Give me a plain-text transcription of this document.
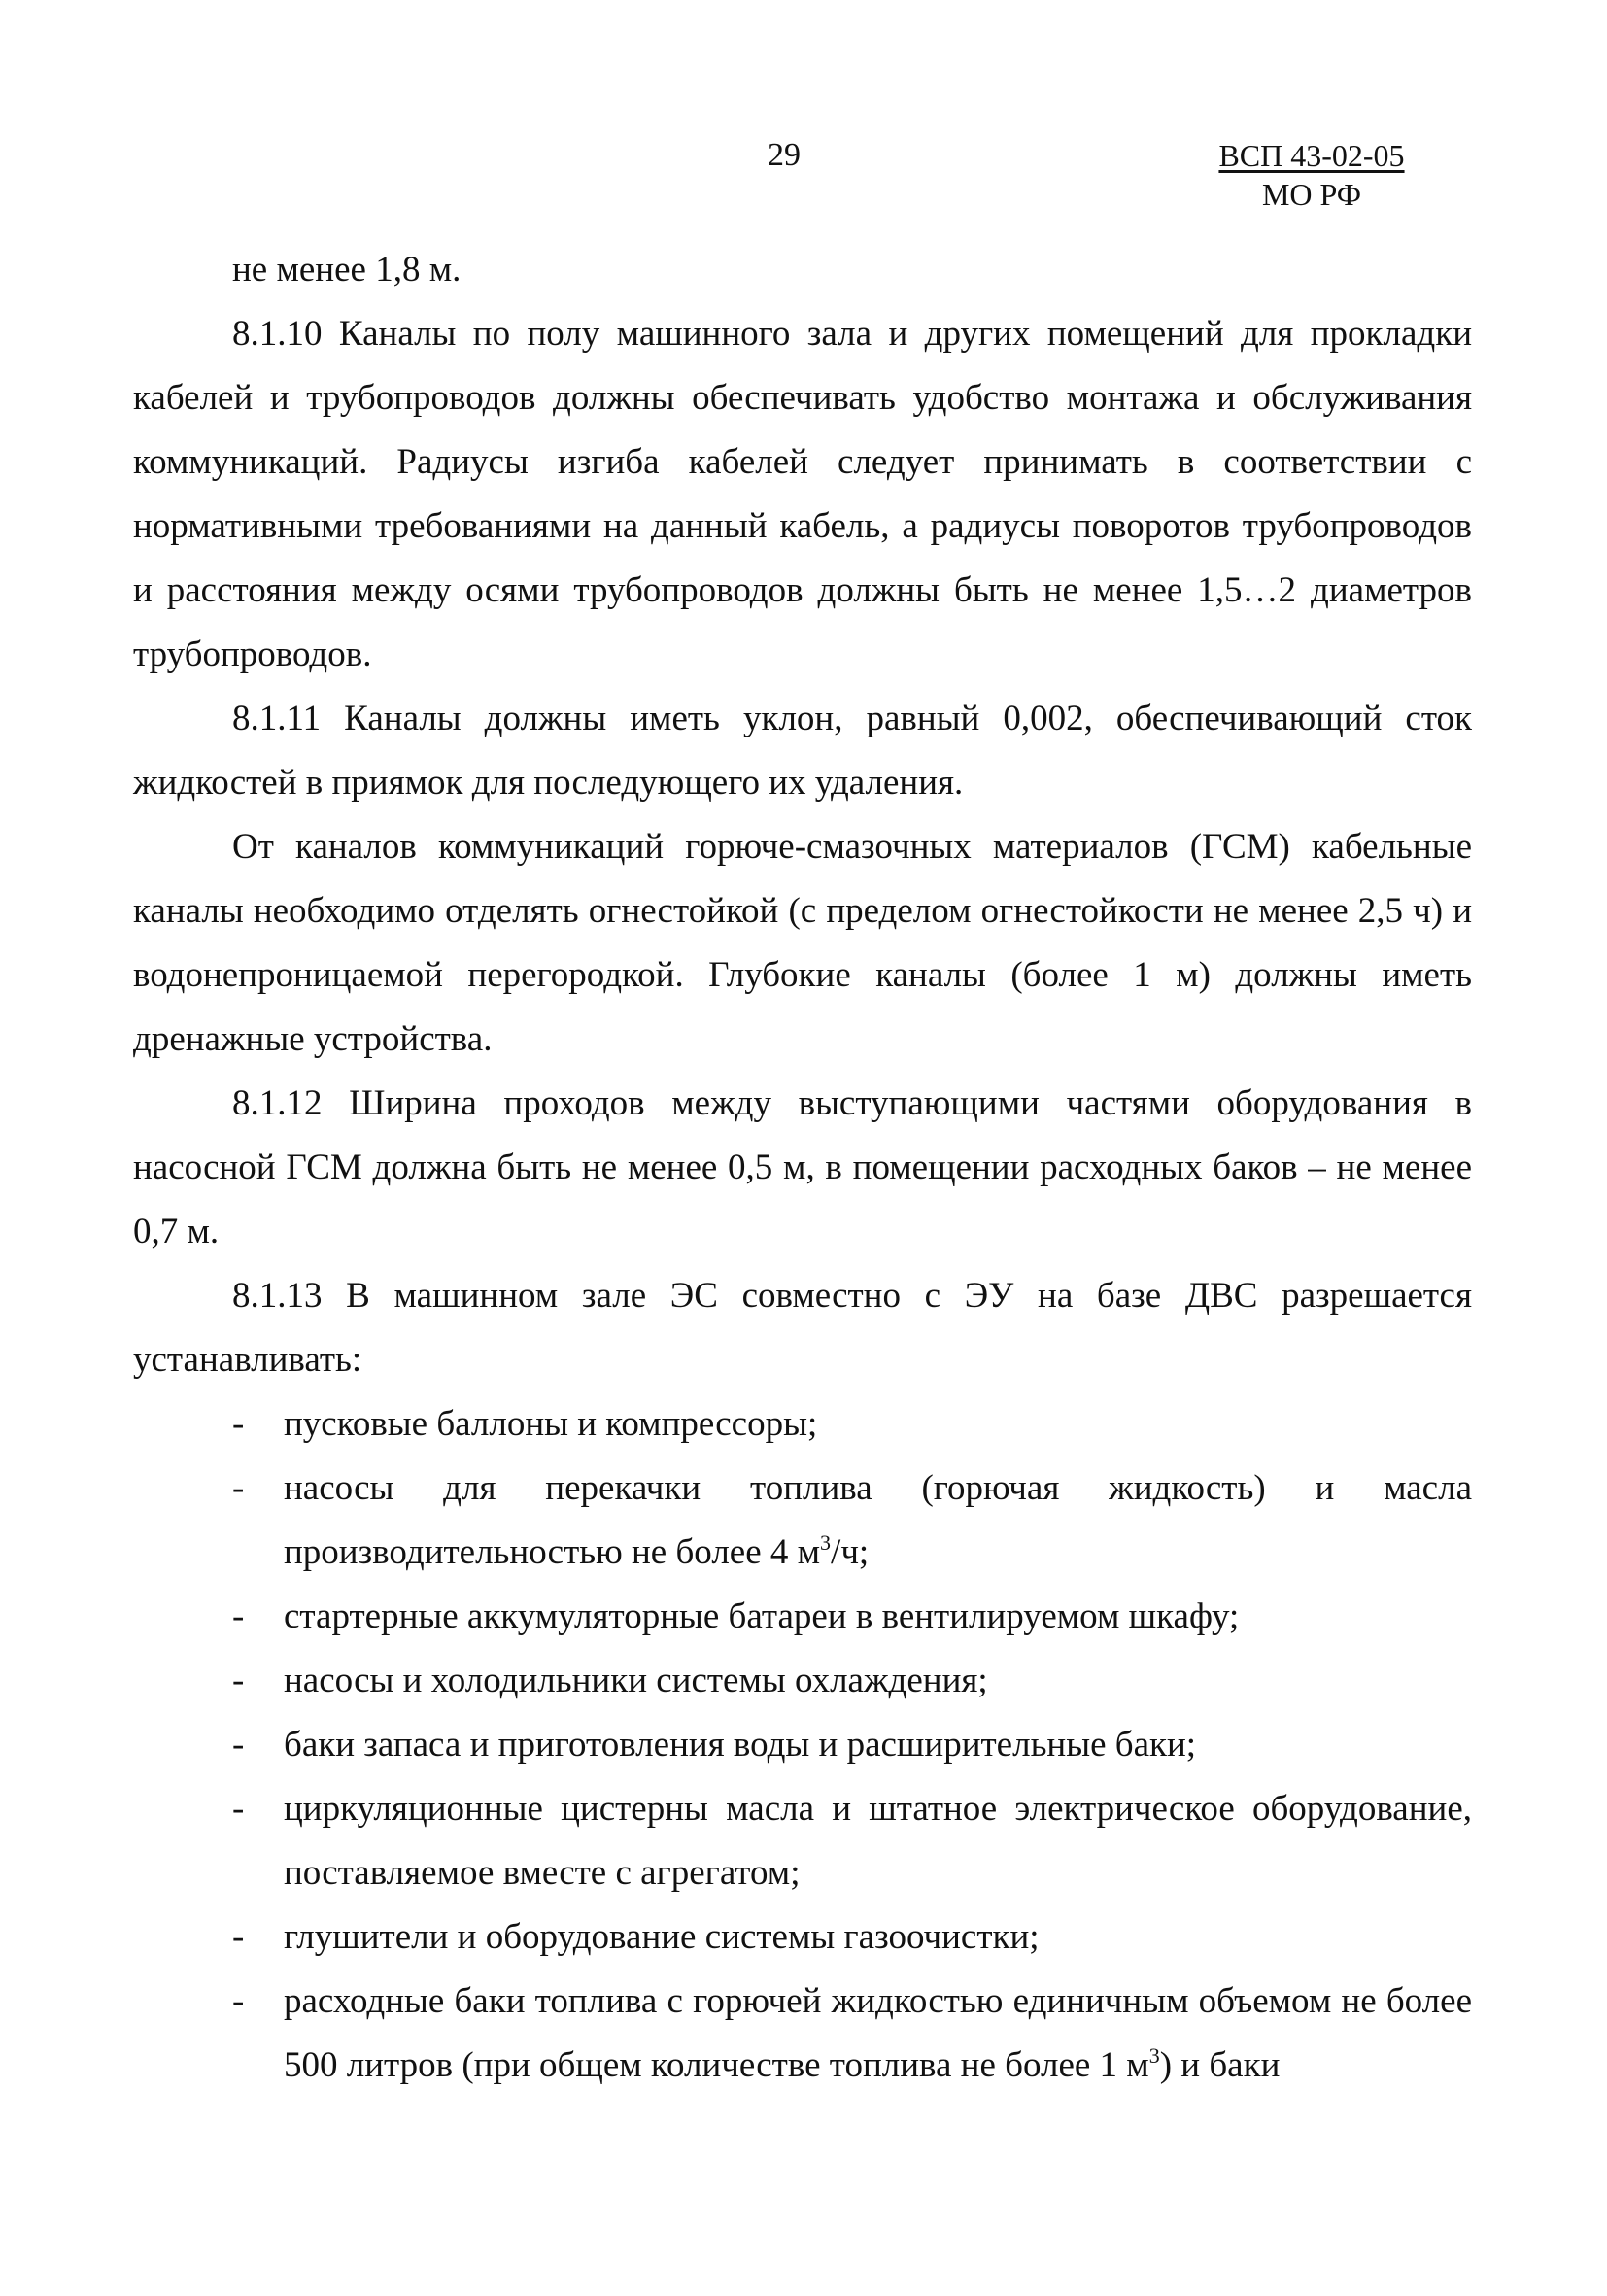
29	ВСП 43-02-05
МО РФ

не менее 1,8 м.

8.1.10 Каналы по полу машинного зала и других помещений для прокладки кабелей и трубопроводов должны обеспечивать удобство монтажа и обслуживания коммуникаций. Радиусы изгиба кабелей следует принимать в соответствии с нормативными требованиями на данный кабель, а радиусы поворотов трубопроводов и расстояния между осями трубопроводов должны быть не менее 1,5…2 диаметров трубопроводов.

8.1.11 Каналы должны иметь уклон, равный 0,002, обеспечивающий сток жидкостей в приямок для последующего их удаления.

От каналов коммуникаций горюче-смазочных материалов (ГСМ) кабельные каналы необходимо отделять огнестойкой (с пределом огнестойкости не менее 2,5 ч) и водонепроницаемой перегородкой. Глубокие каналы (более 1 м) должны иметь дренажные устройства.

8.1.12 Ширина проходов между выступающими частями оборудования в насосной ГСМ должна быть не менее 0,5 м, в помещении расходных баков – не менее 0,7 м.

8.1.13 В машинном зале ЭС совместно с ЭУ на базе ДВС разрешается устанавливать:

- пусковые баллоны и компрессоры;
- насосы для перекачки топлива (горючая жидкость) и масла производительностью не более 4 $м^3/ч$;
- стартерные аккумуляторные батареи в вентилируемом шкафу;
- насосы и холодильники системы охлаждения;
- баки запаса и приготовления воды и расширительные баки;
- циркуляционные цистерны масла и штатное электрическое оборудование, поставляемое вместе с агрегатом;
- глушители и оборудование системы газоочистки;
- расходные баки топлива с горючей жидкостью единичным объемом не более 500 литров (при общем количестве топлива не более 1 $м^3$) и баки
